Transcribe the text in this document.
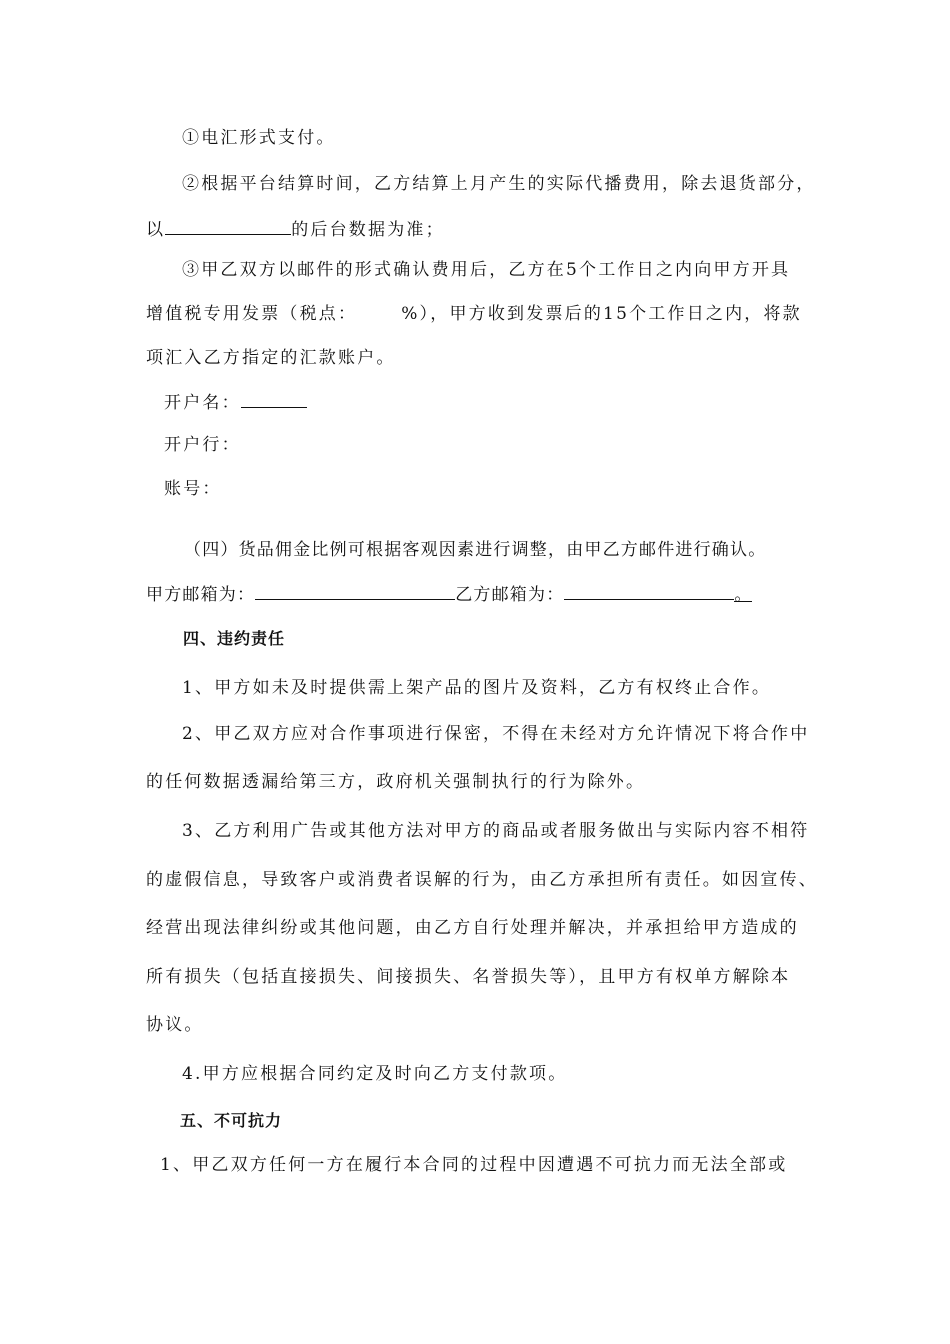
①电汇形式支付。
②根据平台结算时间，乙方结算上月产生的实际代播费用，除去退货部分，
以	的后台数据为准；
③甲乙双方以邮件的形式确认费用后，乙方在5个工作日之内向甲方开具
增值税专用发票（税点：	%），甲方收到发票后的15个工作日之内，将款
项汇入乙方指定的汇款账户。
开户名：
开户行：
账号：
（四）货品佣金比例可根据客观因素进行调整，由甲乙方邮件进行确认。
甲方邮箱为：	乙方邮箱为：	。
四、违约责任
1、甲方如未及时提供需上架产品的图片及资料，乙方有权终止合作。
2、甲乙双方应对合作事项进行保密，不得在未经对方允许情况下将合作中
的任何数据透漏给第三方，政府机关强制执行的行为除外。
3、乙方利用广告或其他方法对甲方的商品或者服务做出与实际内容不相符
的虚假信息，导致客户或消费者误解的行为，由乙方承担所有责任。如因宣传、
经营出现法律纠纷或其他问题，由乙方自行处理并解决，并承担给甲方造成的
所有损失（包括直接损失、间接损失、名誉损失等），且甲方有权单方解除本
协议。
4.甲方应根据合同约定及时向乙方支付款项。
五、不可抗力
1、甲乙双方任何一方在履行本合同的过程中因遭遇不可抗力而无法全部或
